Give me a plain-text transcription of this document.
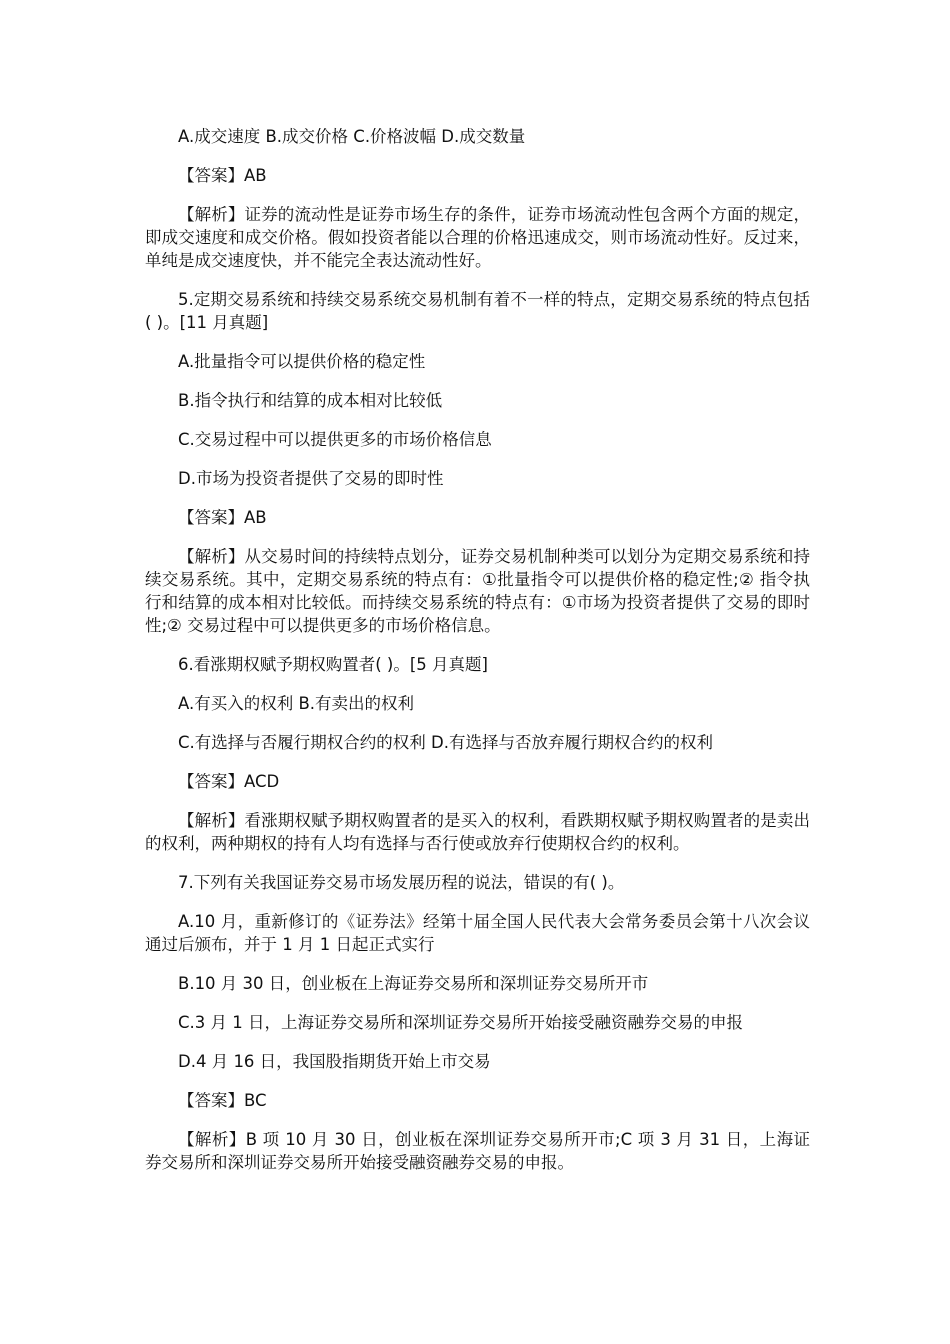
A.成交速度 B.成交价格 C.价格波幅 D.成交数量

【答案】AB

【解析】证券的流动性是证券市场生存的条件，证券市场流动性包含两个方面的规定，即成交速度和成交价格。假如投资者能以合理的价格迅速成交，则市场流动性好。反过来，单纯是成交速度快，并不能完全表达流动性好。

5.定期交易系统和持续交易系统交易机制有着不一样的特点，定期交易系统的特点包括( )。[11 月真题]

A.批量指令可以提供价格的稳定性

B.指令执行和结算的成本相对比较低

C.交易过程中可以提供更多的市场价格信息

D.市场为投资者提供了交易的即时性

【答案】AB

【解析】从交易时间的持续特点划分，证券交易机制种类可以划分为定期交易系统和持续交易系统。其中，定期交易系统的特点有：①批量指令可以提供价格的稳定性;② 指令执行和结算的成本相对比较低。而持续交易系统的特点有：①市场为投资者提供了交易的即时性;② 交易过程中可以提供更多的市场价格信息。

6.看涨期权赋予期权购置者( )。[5 月真题]

A.有买入的权利 B.有卖出的权利

C.有选择与否履行期权合约的权利 D.有选择与否放弃履行期权合约的权利

【答案】ACD

【解析】看涨期权赋予期权购置者的是买入的权利，看跌期权赋予期权购置者的是卖出的权利，两种期权的持有人均有选择与否行使或放弃行使期权合约的权利。

7.下列有关我国证券交易市场发展历程的说法，错误的有( )。

A.10 月，重新修订的《证券法》经第十届全国人民代表大会常务委员会第十八次会议通过后颁布，并于 1 月 1 日起正式实行

B.10 月 30 日，创业板在上海证券交易所和深圳证券交易所开市

C.3 月 1 日，上海证券交易所和深圳证券交易所开始接受融资融券交易的申报

D.4 月 16 日，我国股指期货开始上市交易

【答案】BC

【解析】B 项 10 月 30 日，创业板在深圳证券交易所开市;C 项 3 月 31 日，上海证券交易所和深圳证券交易所开始接受融资融券交易的申报。
